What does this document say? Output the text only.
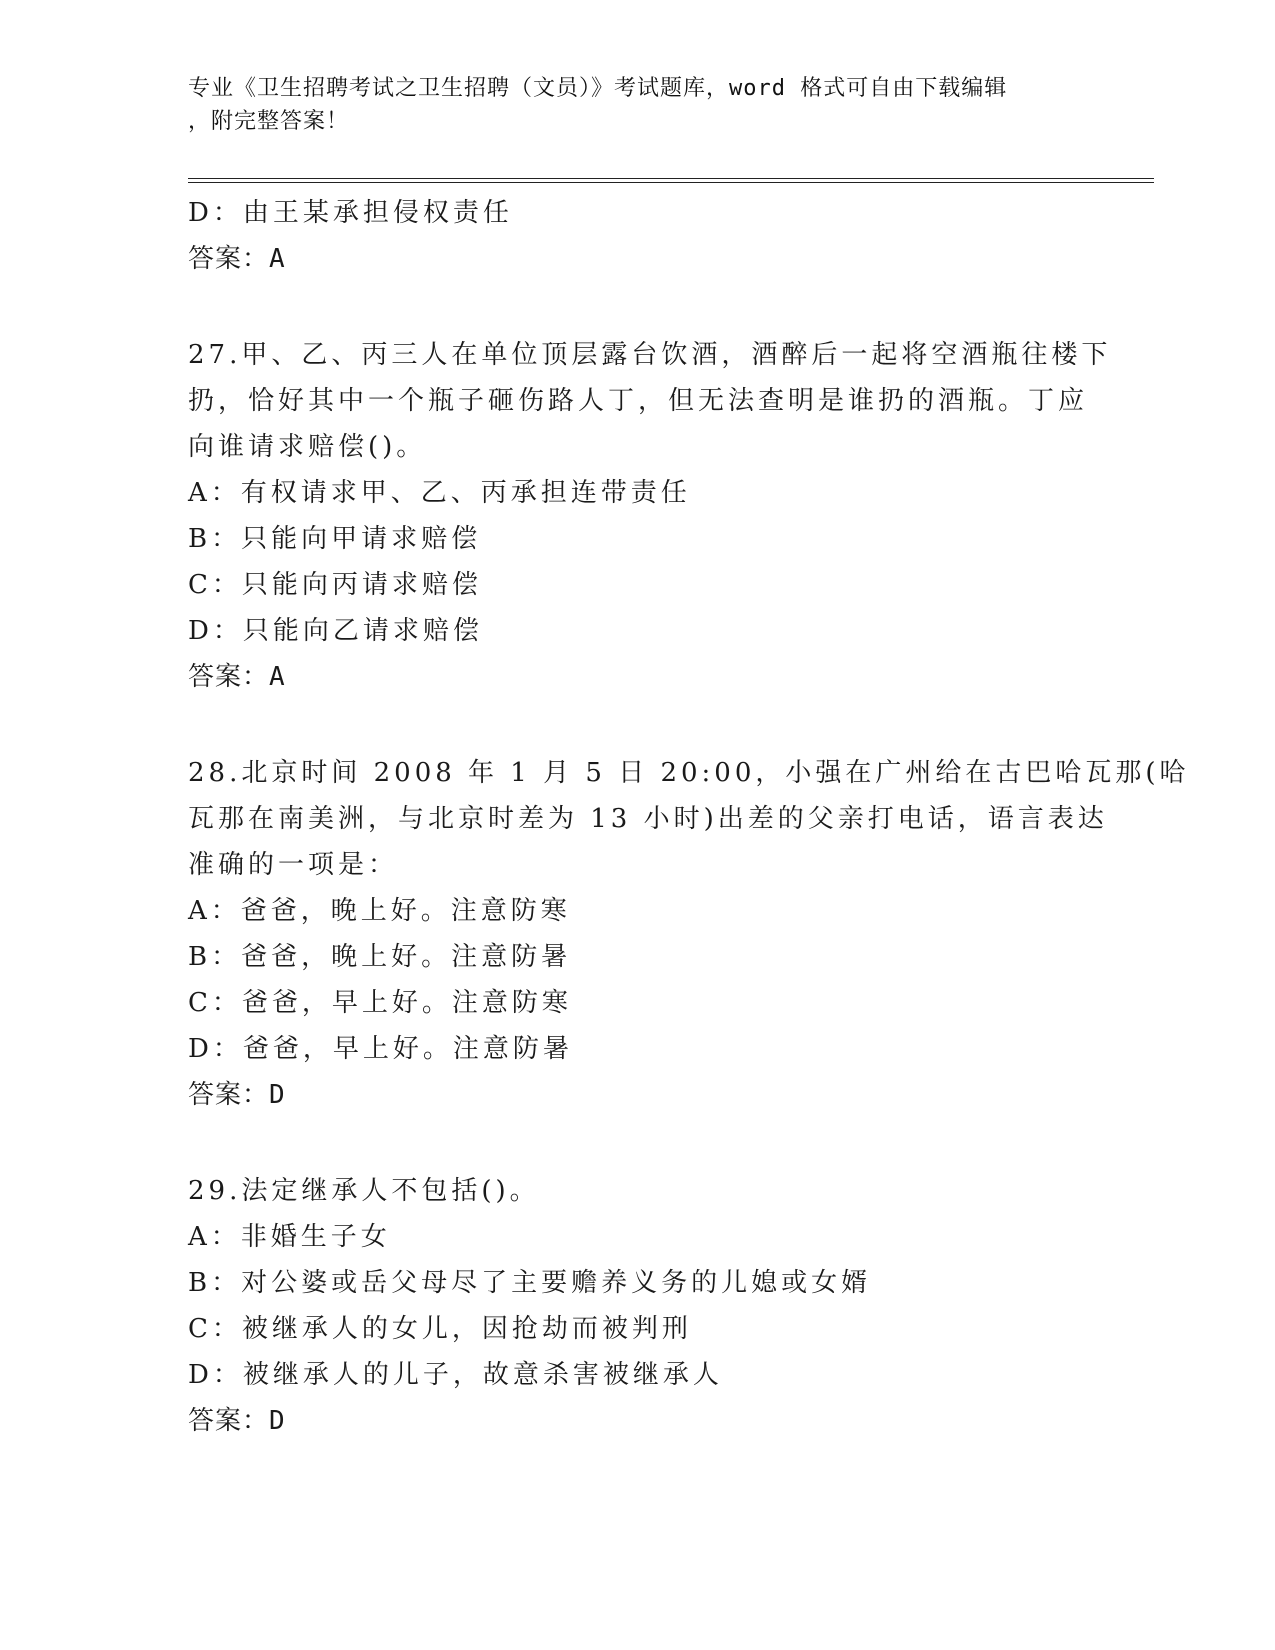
专业《卫生招聘考试之卫生招聘（文员）》考试题库，word 格式可自由下载编辑
，附完整答案！
D：由王某承担侵权责任
答案：A
27.甲、乙、丙三人在单位顶层露台饮酒，酒醉后一起将空酒瓶往楼下
扔，恰好其中一个瓶子砸伤路人丁，但无法查明是谁扔的酒瓶。丁应
向谁请求赔偿()。
A：有权请求甲、乙、丙承担连带责任
B：只能向甲请求赔偿
C：只能向丙请求赔偿
D：只能向乙请求赔偿
答案：A
28.北京时间 2008 年 1 月 5 日 20:00，小强在广州给在古巴哈瓦那(哈
瓦那在南美洲，与北京时差为 13 小时)出差的父亲打电话，语言表达
准确的一项是：
A：爸爸，晚上好。注意防寒
B：爸爸，晚上好。注意防暑
C：爸爸，早上好。注意防寒
D：爸爸，早上好。注意防暑
答案：D
29.法定继承人不包括()。
A：非婚生子女
B：对公婆或岳父母尽了主要赡养义务的儿媳或女婿
C：被继承人的女儿，因抢劫而被判刑
D：被继承人的儿子，故意杀害被继承人
答案：D
